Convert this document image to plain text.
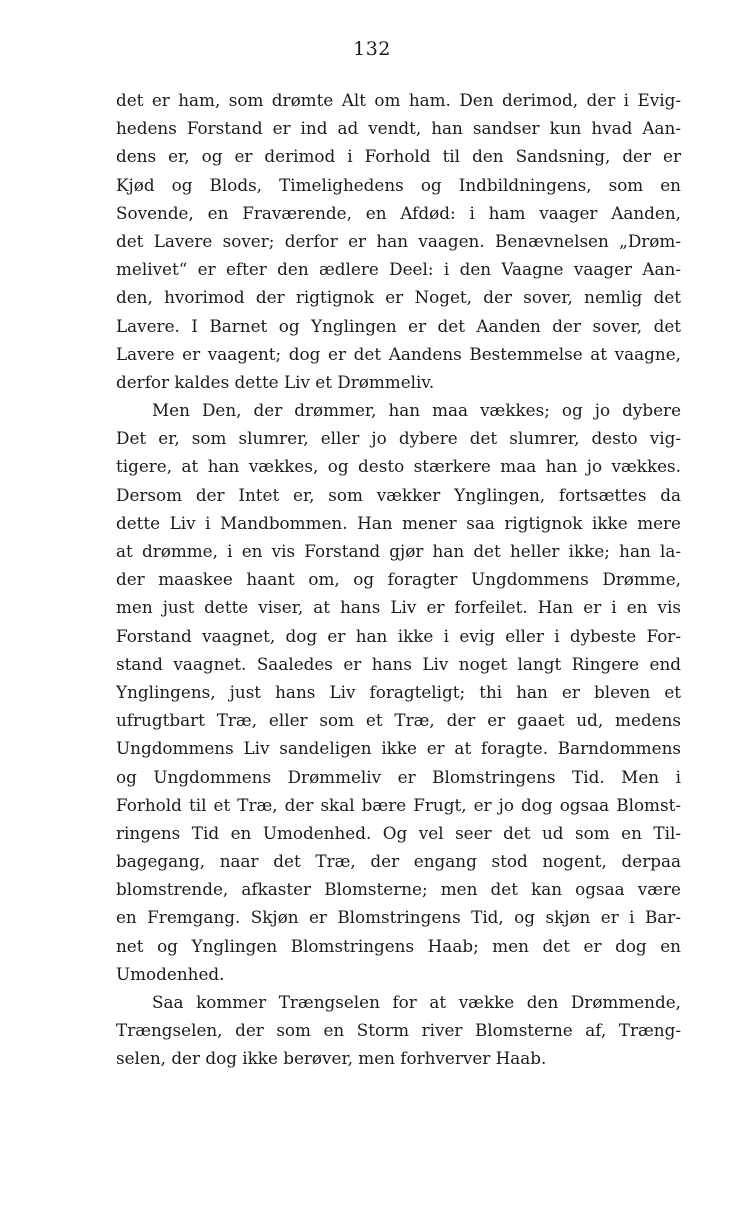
132
det er ham, som drømte Alt om ham. Den derimod, der i Evig-
hedens Forstand er ind ad vendt, han sandser kun hvad Aan-
dens er, og er derimod i Forhold til den Sandsning, der er
Kjød og Blods, Timelighedens og Indbildningens, som en
Sovende, en Fraværende, en Afdød: i ham vaager Aanden,
det Lavere sover; derfor er han vaagen. Benævnelsen „Drøm-
melivet“ er efter den ædlere Deel: i den Vaagne vaager Aan-
den, hvorimod der rigtignok er Noget, der sover, nemlig det
Lavere. I Barnet og Ynglingen er det Aanden der sover, det
Lavere er vaagent; dog er det Aandens Bestemmelse at vaagne,
derfor kaldes dette Liv et Drømmeliv.
Men Den, der drømmer, han maa vækkes; og jo dybere
Det er, som slumrer, eller jo dybere det slumrer, desto vig-
tigere, at han vækkes, og desto stærkere maa han jo vækkes.
Dersom der Intet er, som vækker Ynglingen, fortsættes da
dette Liv i Mandbommen. Han mener saa rigtignok ikke mere
at drømme, i en vis Forstand gjør han det heller ikke; han la-
der maaskee haant om, og foragter Ungdommens Drømme,
men just dette viser, at hans Liv er forfeilet. Han er i en vis
Forstand vaagnet, dog er han ikke i evig eller i dybeste For-
stand vaagnet. Saaledes er hans Liv noget langt Ringere end
Ynglingens, just hans Liv foragteligt; thi han er bleven et
ufrugtbart Træ, eller som et Træ, der er gaaet ud, medens
Ungdommens Liv sandeligen ikke er at foragte. Barndommens
og Ungdommens Drømmeliv er Blomstringens Tid. Men i
Forhold til et Træ, der skal bære Frugt, er jo dog ogsaa Blomst-
ringens Tid en Umodenhed. Og vel seer det ud som en Til-
bagegang, naar det Træ, der engang stod nogent, derpaa
blomstrende, afkaster Blomsterne; men det kan ogsaa være
en Fremgang. Skjøn er Blomstringens Tid, og skjøn er i Bar-
net og Ynglingen Blomstringens Haab; men det er dog en
Umodenhed.
Saa kommer Trængselen for at vække den Drømmende,
Trængselen, der som en Storm river Blomsterne af, Træng-
selen, der dog ikke berøver, men forhverver Haab.
